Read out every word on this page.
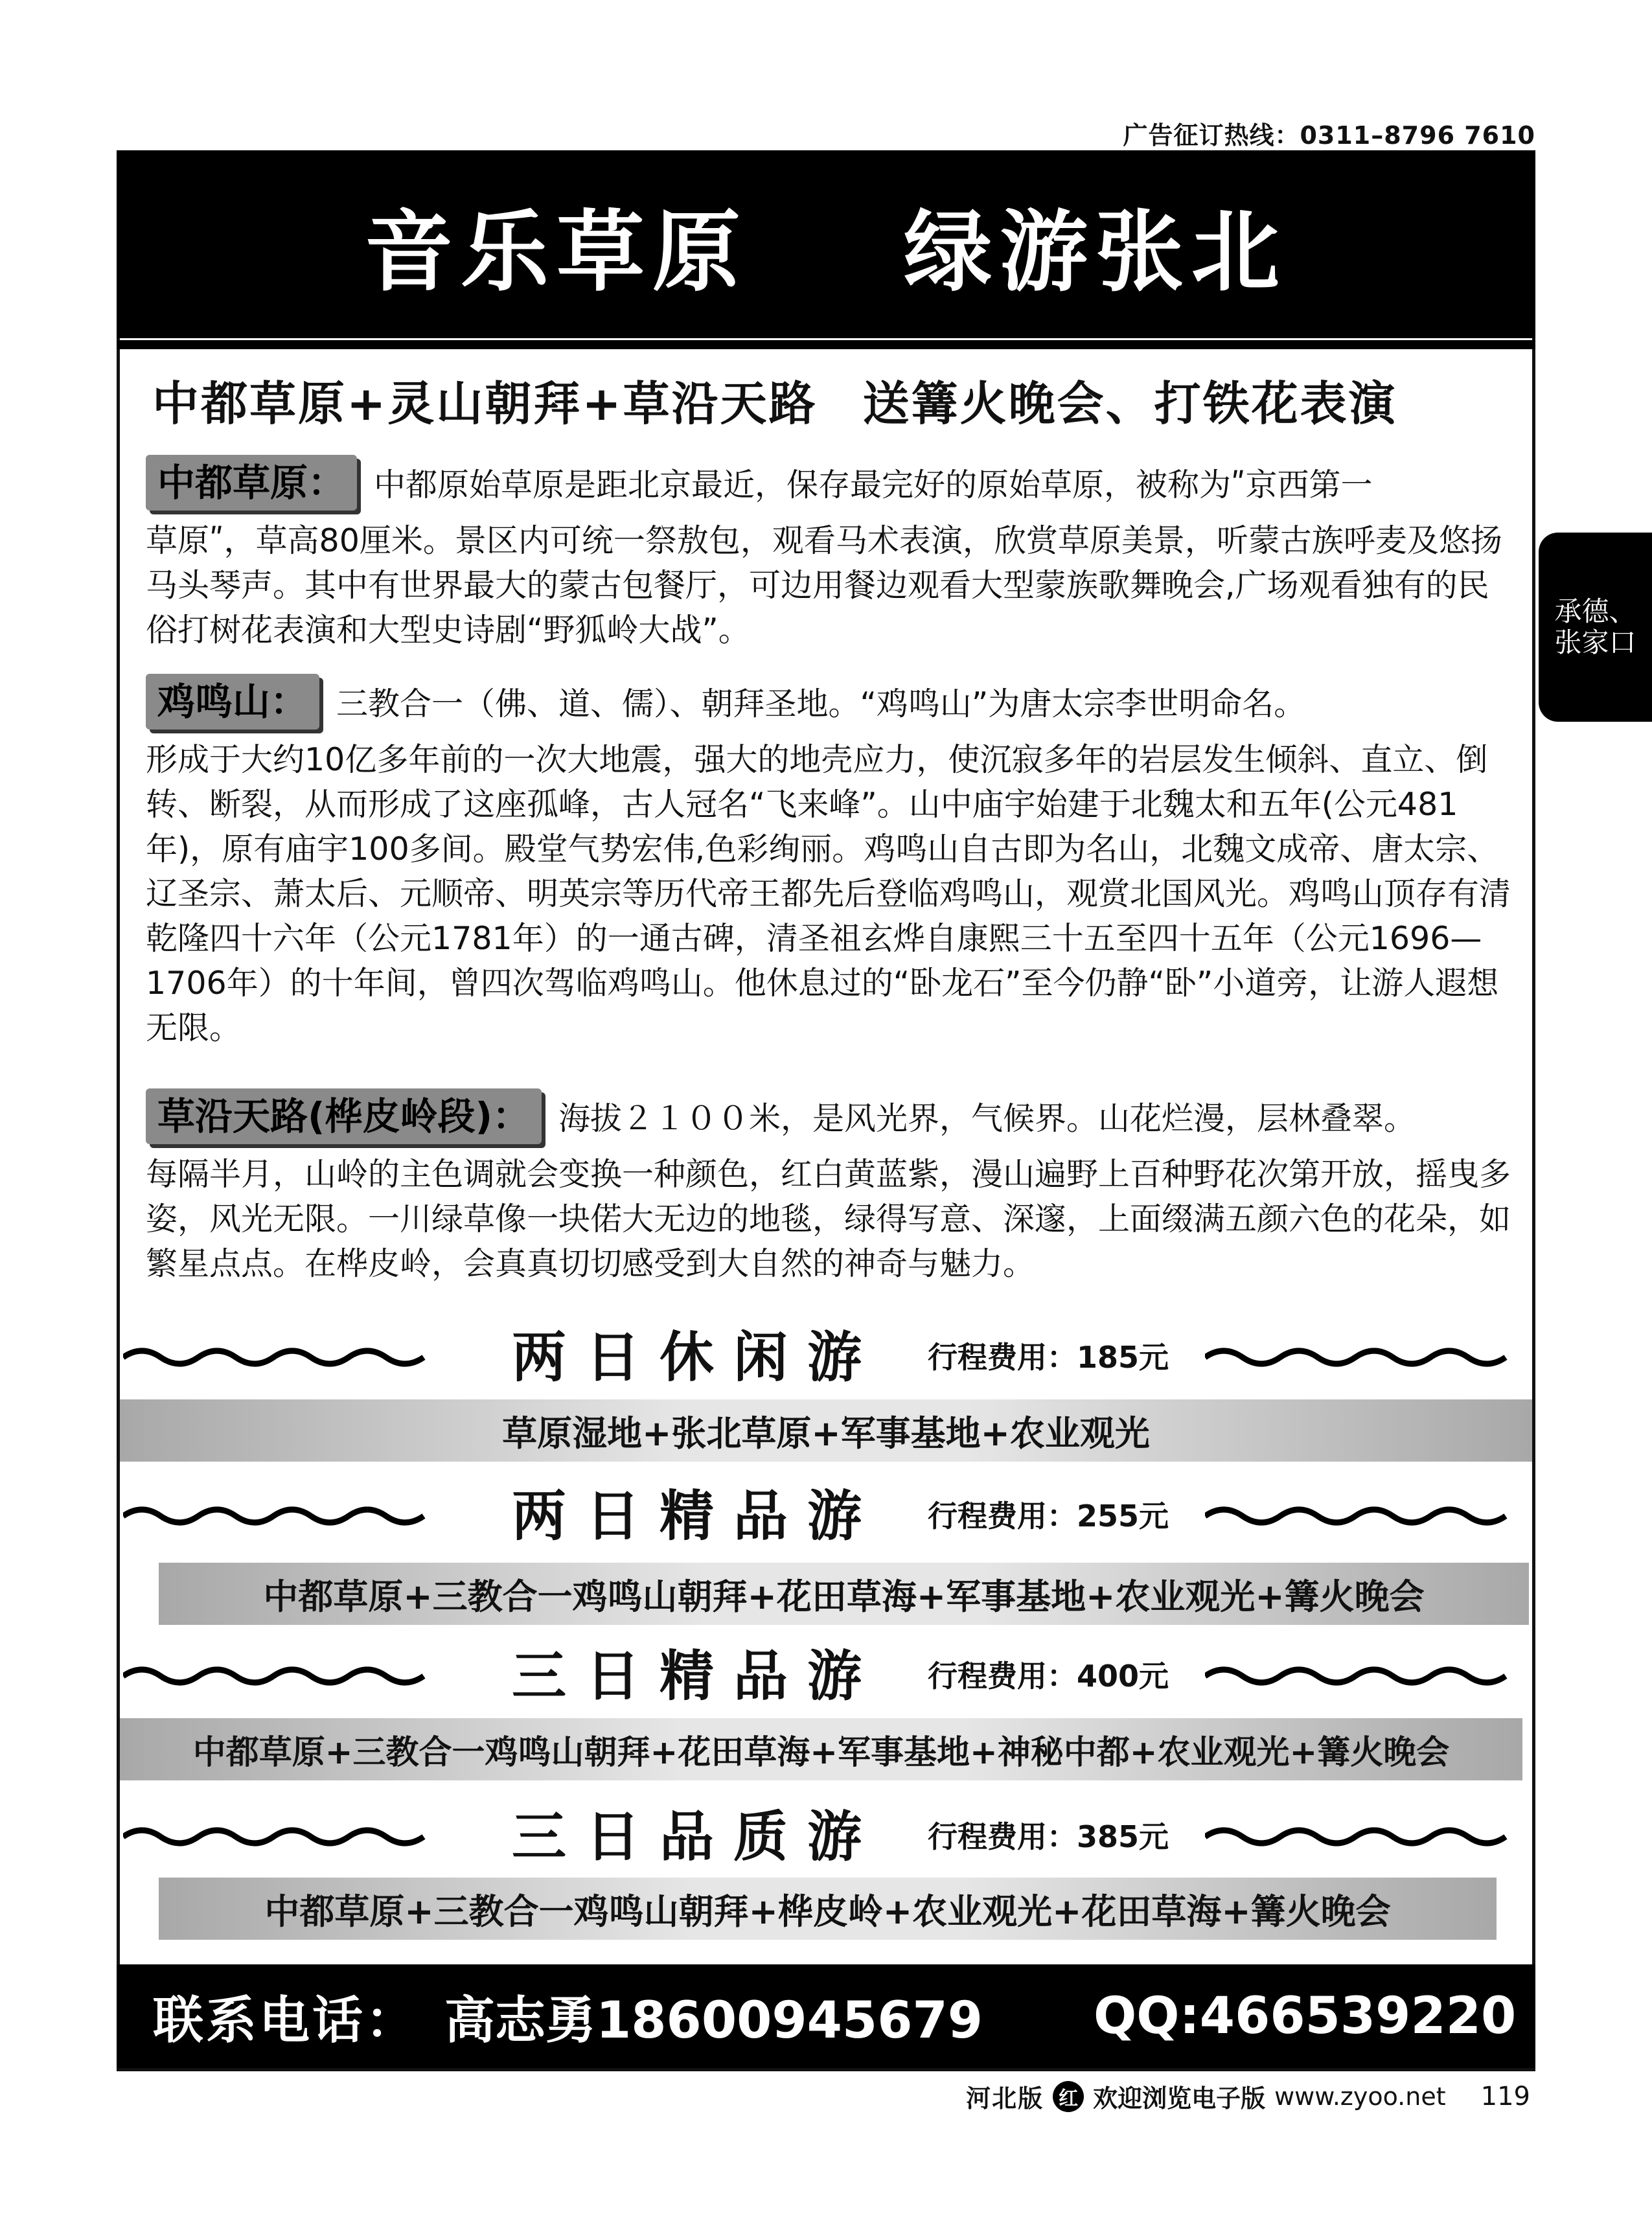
广告征订热线：0311–8796 7610
音乐草原 绿游张北
中都草原+灵山朝拜+草沿天路 送篝火晚会、打铁花表演
承德、
张家口
中都草原： 中都原始草原是距北京最近，保存最完好的原始草原，被称为ʺ京西第一

草原ʺ，草高80厘米。景区内可统一祭敖包，观看马术表演，欣赏草原美景，听蒙古族呼麦及悠扬马头琴声。其中有世界最大的蒙古包餐厅，可边用餐边观看大型蒙族歌舞晚会,广场观看独有的民俗打树花表演和大型史诗剧“野狐岭大战”。

鸡鸣山： 三教合一（佛、道、儒）、朝拜圣地。“鸡鸣山”为唐太宗李世明命名。

形成于大约10亿多年前的一次大地震，强大的地壳应力，使沉寂多年的岩层发生倾斜、直立、倒转、断裂，从而形成了这座孤峰，古人冠名“飞来峰”。山中庙宇始建于北魏太和五年(公元481年)，原有庙宇100多间。殿堂气势宏伟,色彩绚丽。鸡鸣山自古即为名山，北魏文成帝、唐太宗、辽圣宗、萧太后、元顺帝、明英宗等历代帝王都先后登临鸡鸣山，观赏北国风光。鸡鸣山顶存有清乾隆四十六年（公元1781年）的一通古碑，清圣祖玄烨自康熙三十五至四十五年（公元1696—1706年）的十年间，曾四次驾临鸡鸣山。他休息过的“卧龙石”至今仍静“卧”小道旁，让游人遐想无限。

草沿天路(桦皮岭段)： 海拔２１００米，是风光界，气候界。山花烂漫，层林叠翠。

每隔半月，山岭的主色调就会变换一种颜色，红白黄蓝紫，漫山遍野上百种野花次第开放，摇曳多姿，风光无限。一川绿草像一块偌大无边的地毯，绿得写意、深邃，上面缀满五颜六色的花朵，如繁星点点。在桦皮岭，会真真切切感受到大自然的神奇与魅力。

两日休闲游 行程费用：185元
草原湿地+张北草原+军事基地+农业观光
两日精品游 行程费用：255元
中都草原+三教合一鸡鸣山朝拜+花田草海+军事基地+农业观光+篝火晚会
三日精品游 行程费用：400元
中都草原+三教合一鸡鸣山朝拜+花田草海+军事基地+神秘中都+农业观光+篝火晚会
三日品质游 行程费用：385元
中都草原+三教合一鸡鸣山朝拜+桦皮岭+农业观光+花田草海+篝火晚会
联系电话： 高志勇18600945679 QQ:466539220
河北版 红 欢迎浏览电子版 www.zyoo.net 119
